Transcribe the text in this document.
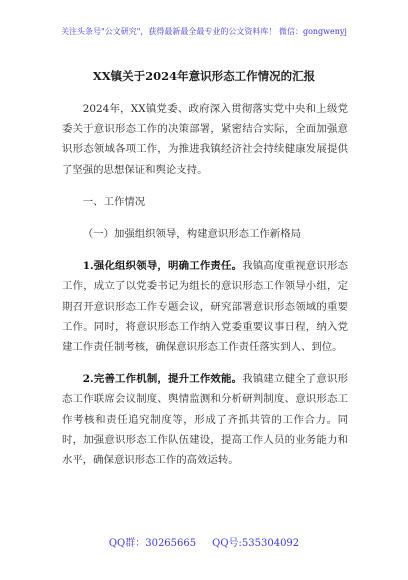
关注头条号"公文研究"，获得最新最全最专业的公文资料库！ 微信：gongwenyj
XX镇关于2024年意识形态工作情况的汇报

2024年，XX镇党委、政府深入贯彻落实党中央和上级党委关于意识形态工作的决策部署，紧密结合实际，全面加强意识形态领域各项工作，为推进我镇经济社会持续健康发展提供了坚强的思想保证和舆论支持。

一、工作情况

（一）加强组织领导，构建意识形态工作新格局

1.强化组织领导，明确工作责任。我镇高度重视意识形态工作，成立了以党委书记为组长的意识形态工作领导小组，定期召开意识形态工作专题会议，研究部署意识形态领域的重要工作。同时，将意识形态工作纳入党委重要议事日程，纳入党建工作责任制考核，确保意识形态工作责任落实到人、到位。

2.完善工作机制，提升工作效能。我镇建立健全了意识形态工作联席会议制度、舆情监测和分析研判制度、意识形态工作考核和责任追究制度等，形成了齐抓共管的工作合力。同时，加强意识形态工作队伍建设，提高工作人员的业务能力和水平，确保意识形态工作的高效运转。

QQ群：30265665 QQ号:535304092
